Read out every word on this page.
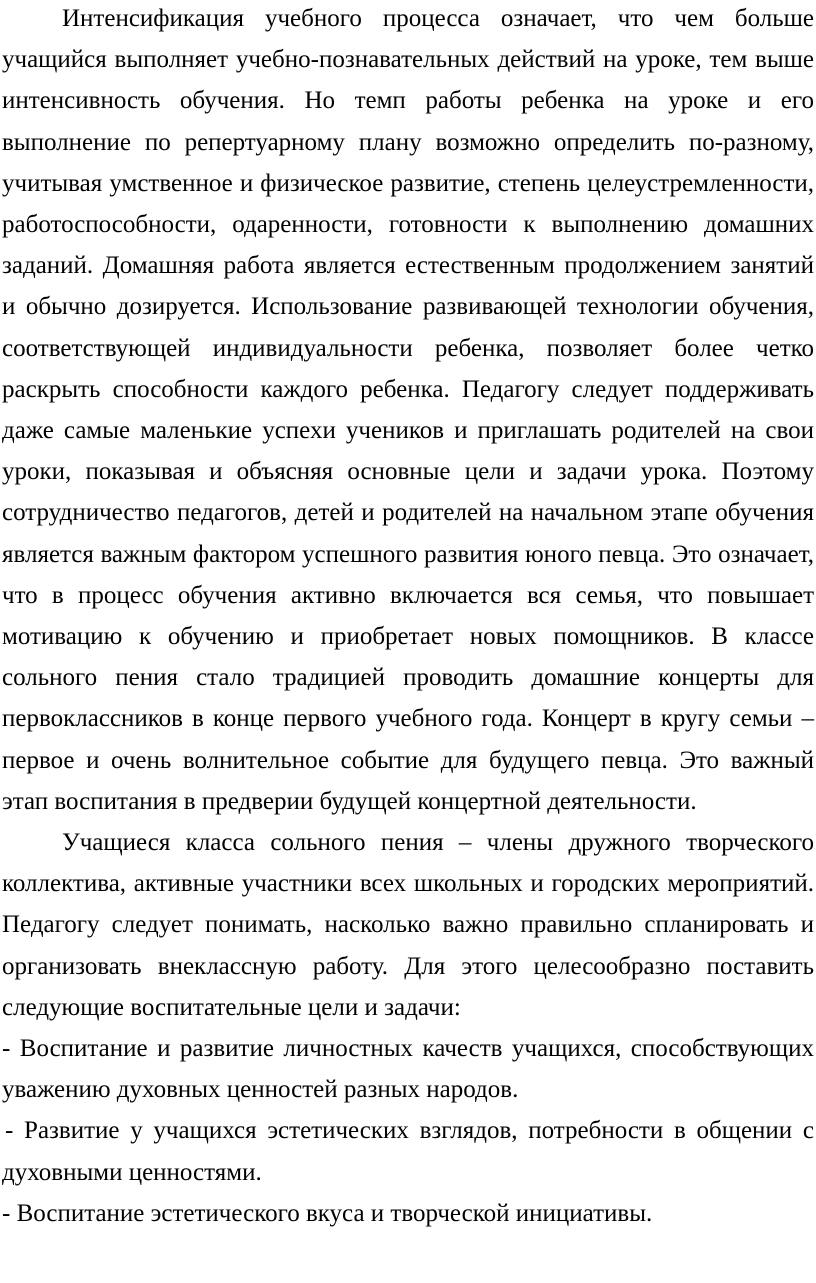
Интенсификация учебного процесса означает, что чем больше учащийся выполняет учебно-познавательных действий на уроке, тем выше интенсивность обучения. Но темп работы ребенка на уроке и его выполнение по репертуарному плану возможно определить по-разному, учитывая умственное и физическое развитие, степень целеустремленности, работоспособности, одаренности, готовности к выполнению домашних заданий. Домашняя работа является естественным продолжением занятий и обычно дозируется. Использование развивающей технологии обучения, соответствующей индивидуальности ребенка, позволяет более четко раскрыть способности каждого ребенка. Педагогу следует поддерживать даже самые маленькие успехи учеников и приглашать родителей на свои уроки, показывая и объясняя основные цели и задачи урока. Поэтому сотрудничество педагогов, детей и родителей на начальном этапе обучения является важным фактором успешного развития юного певца. Это означает, что в процесс обучения активно включается вся семья, что повышает мотивацию к обучению и приобретает новых помощников. В классе сольного пения стало традицией проводить домашние концерты для первоклассников в конце первого учебного года. Концерт в кругу семьи – первое и очень волнительное событие для будущего певца. Это важный этап воспитания в предверии будущей концертной деятельности.

Учащиеся класса сольного пения – члены дружного творческого коллектива, активные участники всех школьных и городских мероприятий. Педагогу следует понимать, насколько важно правильно спланировать и организовать внеклассную работу. Для этого целесообразно поставить следующие воспитательные цели и задачи:

- Воспитание и развитие личностных качеств учащихся, способствующих уважению духовных ценностей разных народов.

- Развитие у учащихся эстетических взглядов, потребности в общении с духовными ценностями.

- Воспитание эстетического вкуса и творческой инициативы.
